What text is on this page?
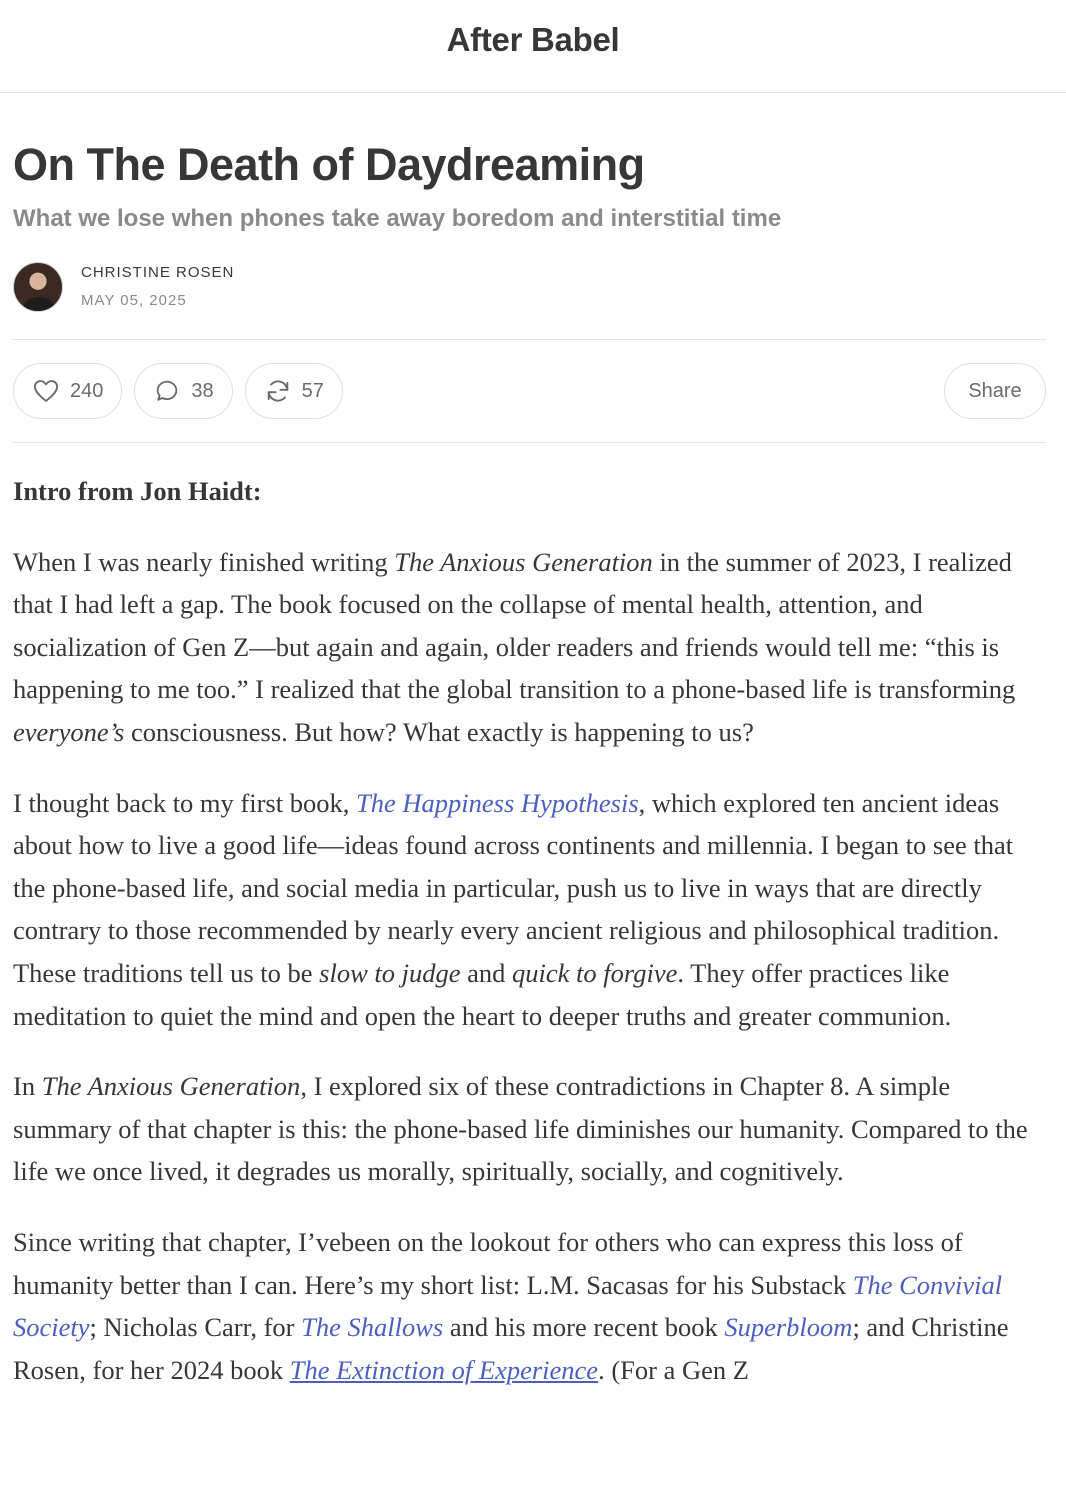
After Babel
On The Death of Daydreaming
What we lose when phones take away boredom and interstitial time
CHRISTINE ROSEN
MAY 05, 2025
240	38	57	Share

Intro from Jon Haidt:

When I was nearly finished writing The Anxious Generation in the summer of 2023, I realized that I had left a gap. The book focused on the collapse of mental health, attention, and socialization of Gen Z—but again and again, older readers and friends would tell me: “this is happening to me too.” I realized that the global transition to a phone-based life is transforming everyone’s consciousness. But how? What exactly is happening to us?

I thought back to my first book, The Happiness Hypothesis, which explored ten ancient ideas about how to live a good life—ideas found across continents and millennia. I began to see that the phone-based life, and social media in particular, push us to live in ways that are directly contrary to those recommended by nearly every ancient religious and philosophical tradition. These traditions tell us to be slow to judge and quick to forgive. They offer practices like meditation to quiet the mind and open the heart to deeper truths and greater communion.

In The Anxious Generation, I explored six of these contradictions in Chapter 8. A simple summary of that chapter is this: the phone-based life diminishes our humanity. Compared to the life we once lived, it degrades us morally, spiritually, socially, and cognitively.

Since writing that chapter, I’vebeen on the lookout for others who can express this loss of humanity better than I can. Here’s my short list: L.M. Sacasas for his Substack The Convivial Society; Nicholas Carr, for The Shallows and his more recent book Superbloom; and Christine Rosen, for her 2024 book The Extinction of Experience. (For a Gen Z
